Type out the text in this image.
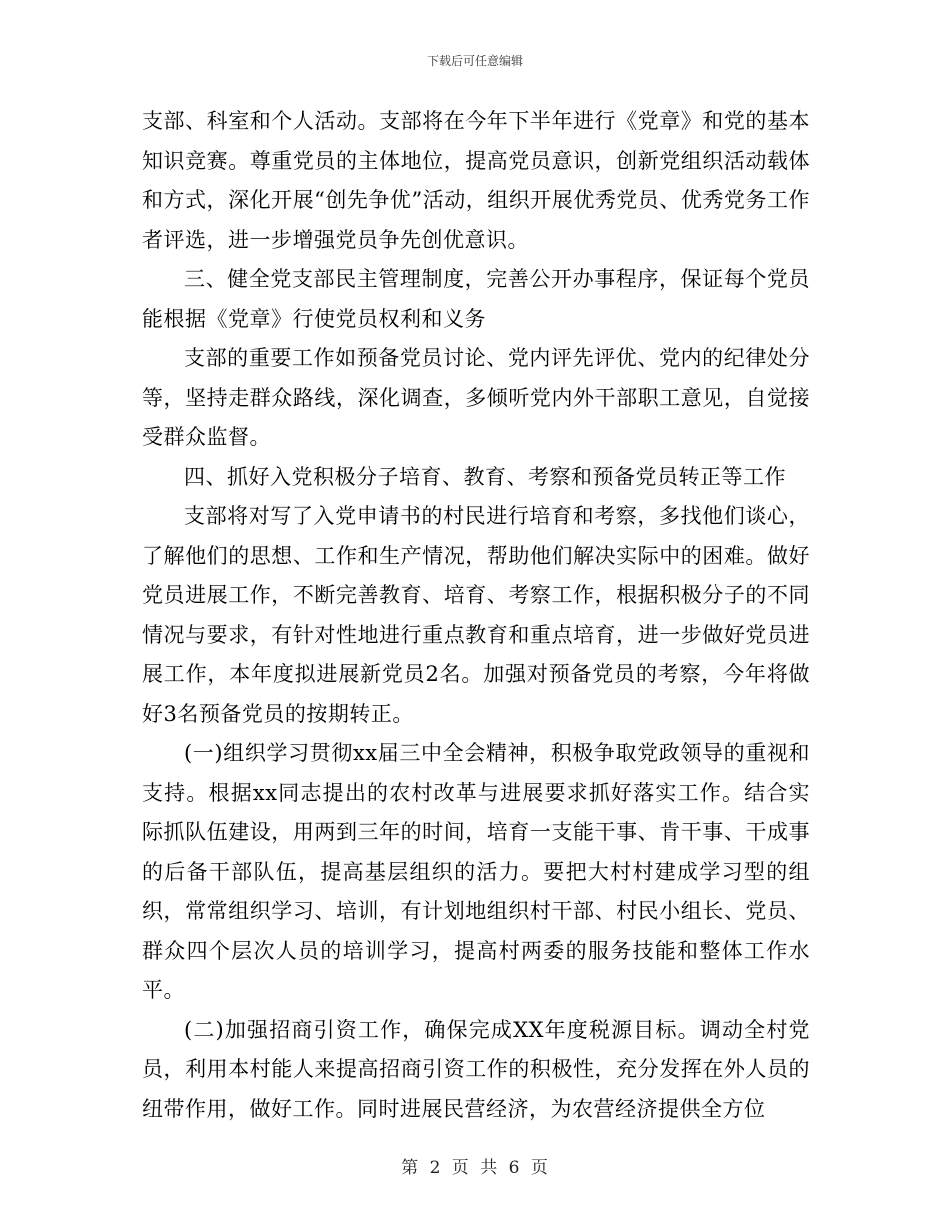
下载后可任意编辑

支部、科室和个人活动。支部将在今年下半年进行《党章》和党的基本知识竞赛。尊重党员的主体地位，提高党员意识，创新党组织活动载体和方式，深化开展“创先争优”活动，组织开展优秀党员、优秀党务工作者评选，进一步增强党员争先创优意识。

三、健全党支部民主管理制度，完善公开办事程序，保证每个党员能根据《党章》行使党员权利和义务

支部的重要工作如预备党员讨论、党内评先评优、党内的纪律处分等，坚持走群众路线，深化调查，多倾听党内外干部职工意见，自觉接受群众监督。

四、抓好入党积极分子培育、教育、考察和预备党员转正等工作

支部将对写了入党申请书的村民进行培育和考察，多找他们谈心，了解他们的思想、工作和生产情况，帮助他们解决实际中的困难。做好党员进展工作，不断完善教育、培育、考察工作，根据积极分子的不同情况与要求，有针对性地进行重点教育和重点培育，进一步做好党员进展工作，本年度拟进展新党员2名。加强对预备党员的考察，今年将做好3名预备党员的按期转正。

(一)组织学习贯彻xx届三中全会精神，积极争取党政领导的重视和支持。根据xx同志提出的农村改革与进展要求抓好落实工作。结合实际抓队伍建设，用两到三年的时间，培育一支能干事、肯干事、干成事的后备干部队伍，提高基层组织的活力。要把大村村建成学习型的组织，常常组织学习、培训，有计划地组织村干部、村民小组长、党员、群众四个层次人员的培训学习，提高村两委的服务技能和整体工作水平。

(二)加强招商引资工作，确保完成XX年度税源目标。调动全村党员，利用本村能人来提高招商引资工作的积极性，充分发挥在外人员的纽带作用，做好工作。同时进展民营经济，为农营经济提供全方位

第 2 页 共 6 页
